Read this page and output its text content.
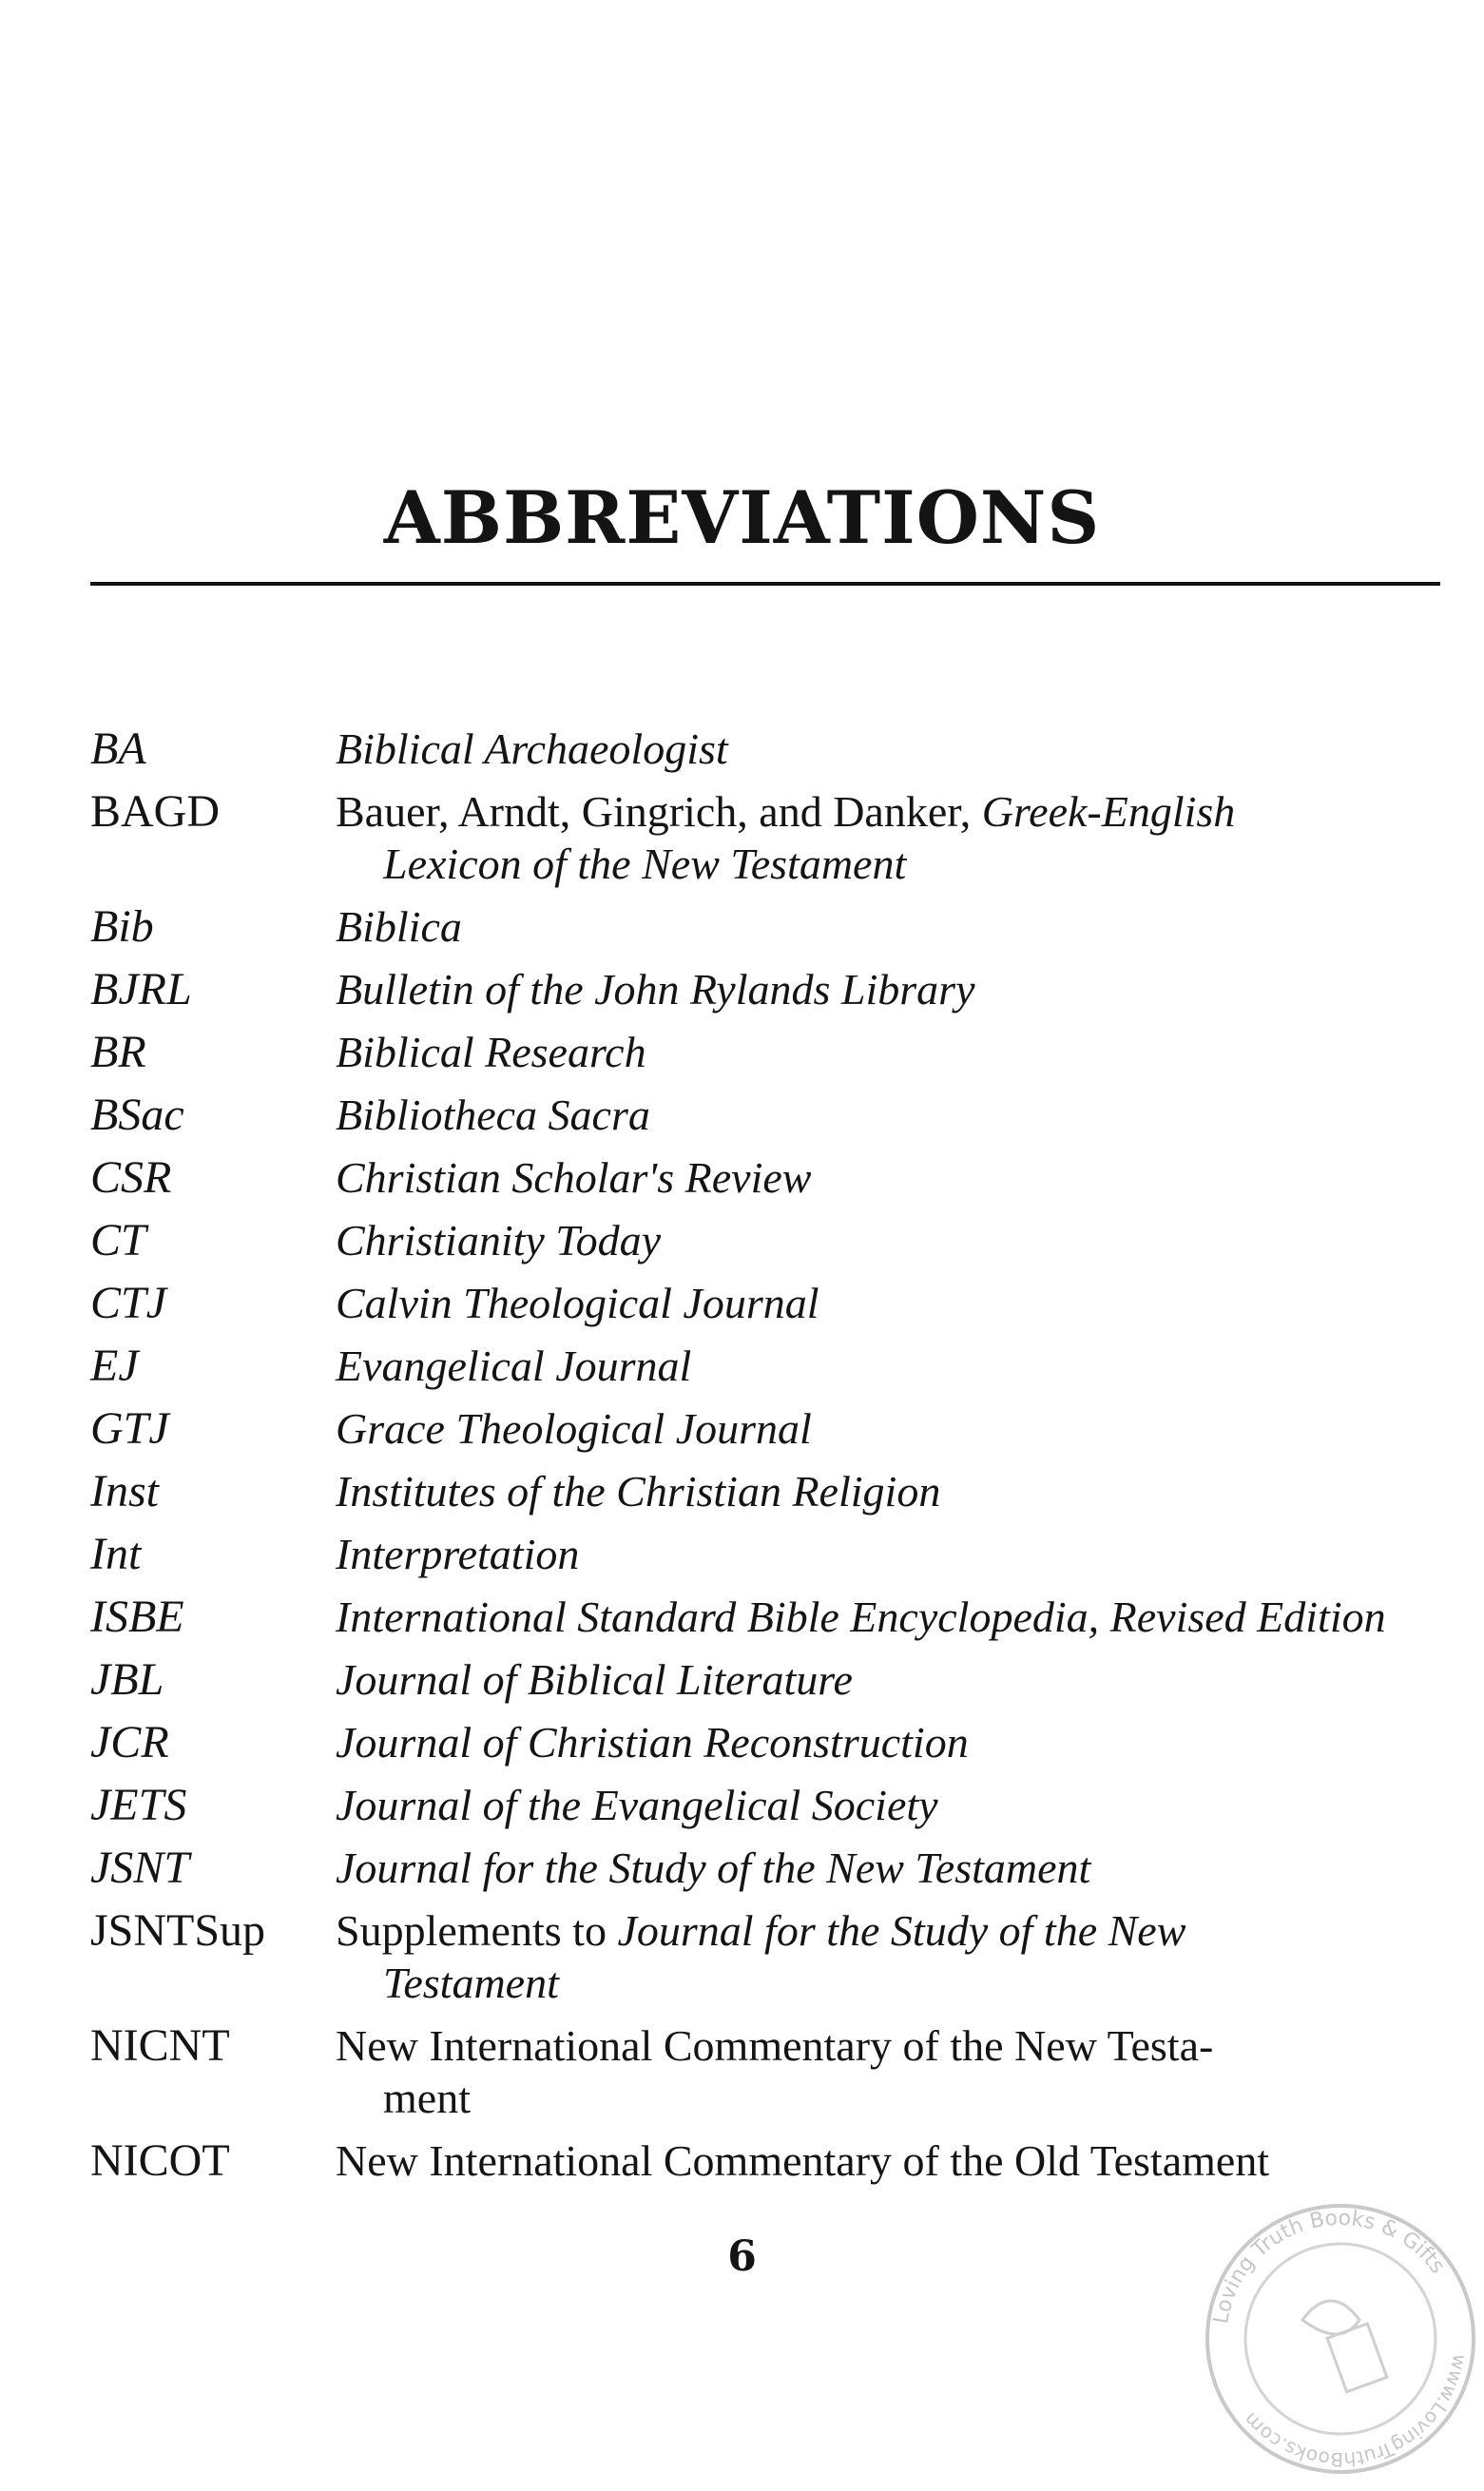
ABBREVIATIONS
BA	Biblical Archaeologist
BAGD	Bauer, Arndt, Gingrich, and Danker, Greek-English
Lexicon of the New Testament
Bib	Biblica
BJRL	Bulletin of the John Rylands Library
BR	Biblical Research
BSac	Bibliotheca Sacra
CSR	Christian Scholar's Review
CT	Christianity Today
CTJ	Calvin Theological Journal
EJ	Evangelical Journal
GTJ	Grace Theological Journal
Inst	Institutes of the Christian Religion
Int	Interpretation
ISBE	International Standard Bible Encyclopedia, Revised Edition
JBL	Journal of Biblical Literature
JCR	Journal of Christian Reconstruction
JETS	Journal of the Evangelical Society
JSNT	Journal for the Study of the New Testament
JSNTSup	Supplements to Journal for the Study of the New
Testament
NICNT	New International Commentary of the New Testa-
ment
NICOT	New International Commentary of the Old Testament
6
Loving Truth Books & Gifts
www.LovingTruthBooks.com
